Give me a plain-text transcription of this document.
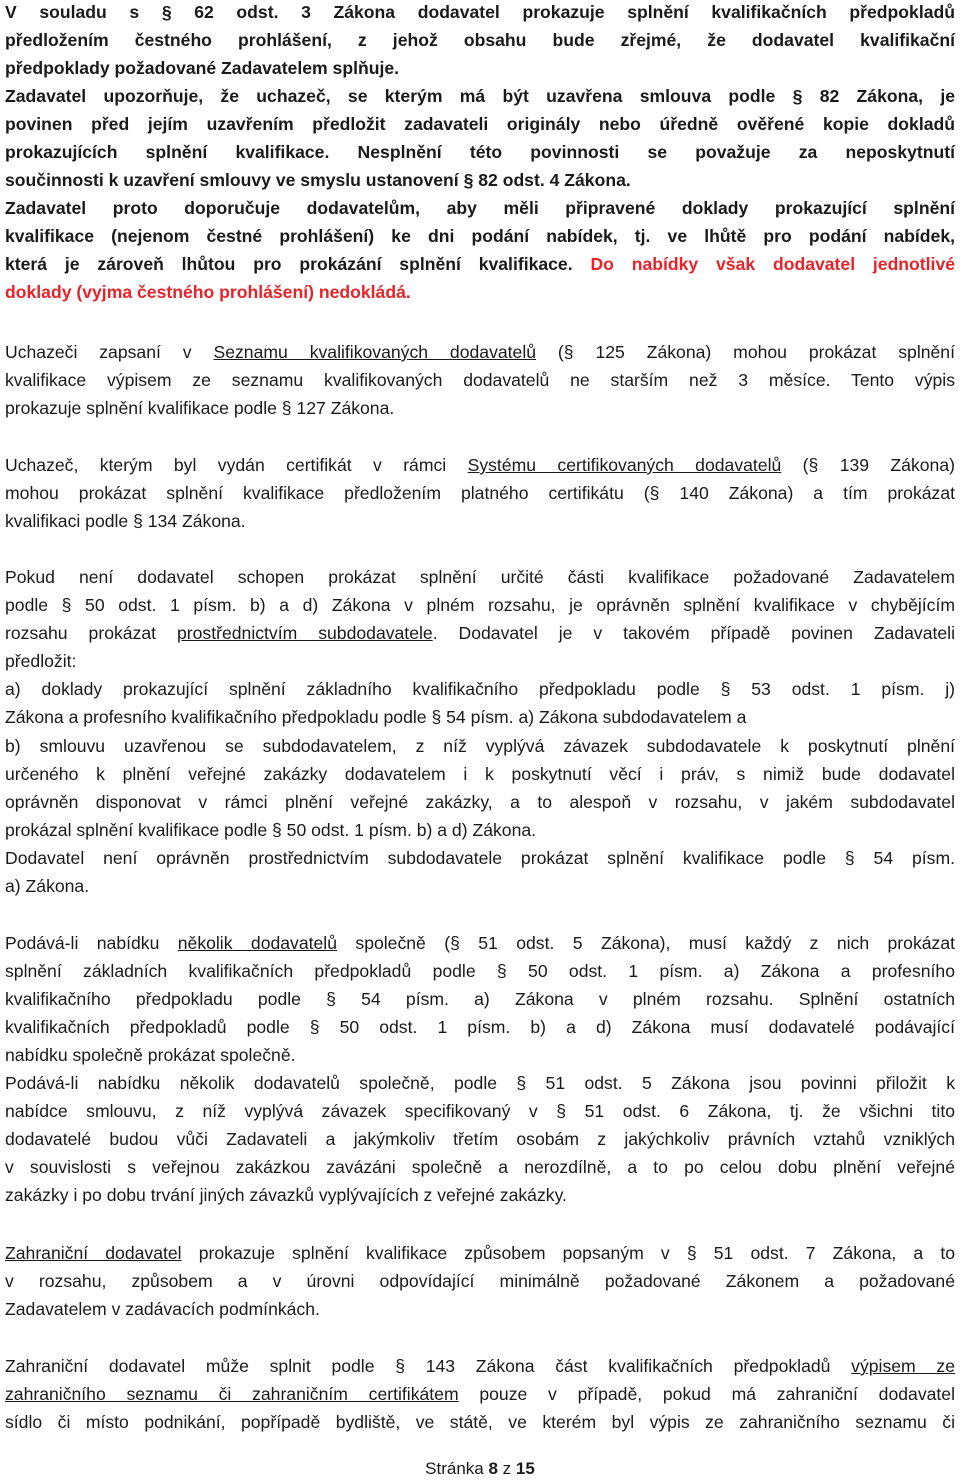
V souladu s § 62 odst. 3 Zákona dodavatel prokazuje splnění kvalifikačních předpokladů
předložením čestného prohlášení, z jehož obsahu bude zřejmé, že dodavatel kvalifikační
předpoklady požadované Zadavatelem splňuje.
Zadavatel upozorňuje, že uchazeč, se kterým má být uzavřena smlouva podle § 82 Zákona, je
povinen před jejím uzavřením předložit zadavateli originály nebo úředně ověřené kopie dokladů
prokazujících splnění kvalifikace. Nesplnění této povinnosti se považuje za neposkytnutí
součinnosti k uzavření smlouvy ve smyslu ustanovení § 82 odst. 4 Zákona.
Zadavatel proto doporučuje dodavatelům, aby měli připravené doklady prokazující splnění
kvalifikace (nejenom čestné prohlášení) ke dni podání nabídek, tj. ve lhůtě pro podání nabídek,
která je zároveň lhůtou pro prokázání splnění kvalifikace. Do nabídky však dodavatel jednotlivé
doklady (vyjma čestného prohlášení) nedokládá.
Uchazeči zapsaní v Seznamu kvalifikovaných dodavatelů (§ 125 Zákona) mohou prokázat splnění
kvalifikace výpisem ze seznamu kvalifikovaných dodavatelů ne starším než 3 měsíce. Tento výpis
prokazuje splnění kvalifikace podle § 127 Zákona.
Uchazeč, kterým byl vydán certifikát v rámci Systému certifikovaných dodavatelů (§ 139 Zákona)
mohou prokázat splnění kvalifikace předložením platného certifikátu (§ 140 Zákona) a tím prokázat
kvalifikaci podle § 134 Zákona.
Pokud není dodavatel schopen prokázat splnění určité části kvalifikace požadované Zadavatelem
podle § 50 odst. 1 písm. b) a d) Zákona v plném rozsahu, je oprávněn splnění kvalifikace v chybějícím
rozsahu prokázat prostřednictvím subdodavatele. Dodavatel je v takovém případě povinen Zadavateli
předložit:
a) doklady prokazující splnění základního kvalifikačního předpokladu podle § 53 odst. 1 písm. j)
Zákona a profesního kvalifikačního předpokladu podle § 54 písm. a) Zákona subdodavatelem a
b) smlouvu uzavřenou se subdodavatelem, z níž vyplývá závazek subdodavatele k poskytnutí plnění
určeného k plnění veřejné zakázky dodavatelem i k poskytnutí věcí i práv, s nimiž bude dodavatel
oprávněn disponovat v rámci plnění veřejné zakázky, a to alespoň v rozsahu, v jakém subdodavatel
prokázal splnění kvalifikace podle § 50 odst. 1 písm. b) a d) Zákona.
Dodavatel není oprávněn prostřednictvím subdodavatele prokázat splnění kvalifikace podle § 54 písm.
a) Zákona.
Podává-li nabídku několik dodavatelů společně (§ 51 odst. 5 Zákona), musí každý z nich prokázat
splnění základních kvalifikačních předpokladů podle § 50 odst. 1 písm. a) Zákona a profesního
kvalifikačního předpokladu podle § 54 písm. a) Zákona v plném rozsahu. Splnění ostatních
kvalifikačních předpokladů podle § 50 odst. 1 písm. b) a d) Zákona musí dodavatelé podávající
nabídku společně prokázat společně.
Podává-li nabídku několik dodavatelů společně, podle § 51 odst. 5 Zákona jsou povinni přiložit k
nabídce smlouvu, z níž vyplývá závazek specifikovaný v § 51 odst. 6 Zákona, tj. že všichni tito
dodavatelé budou vůči Zadavateli a jakýmkoliv třetím osobám z jakýchkoliv právních vztahů vzniklých
v souvislosti s veřejnou zakázkou zavázáni společně a nerozdílně, a to po celou dobu plnění veřejné
zakázky i po dobu trvání jiných závazků vyplývajících z veřejné zakázky.
Zahraniční dodavatel prokazuje splnění kvalifikace způsobem popsaným v § 51 odst. 7 Zákona, a to
v rozsahu, způsobem a v úrovni odpovídající minimálně požadované Zákonem a požadované
Zadavatelem v zadávacích podmínkách.
Zahraniční dodavatel může splnit podle § 143 Zákona část kvalifikačních předpokladů výpisem ze
zahraničního seznamu či zahraničním certifikátem pouze v případě, pokud má zahraniční dodavatel
sídlo či místo podnikání, popřípadě bydliště, ve státě, ve kterém byl výpis ze zahraničního seznamu či
Stránka 8 z 15
